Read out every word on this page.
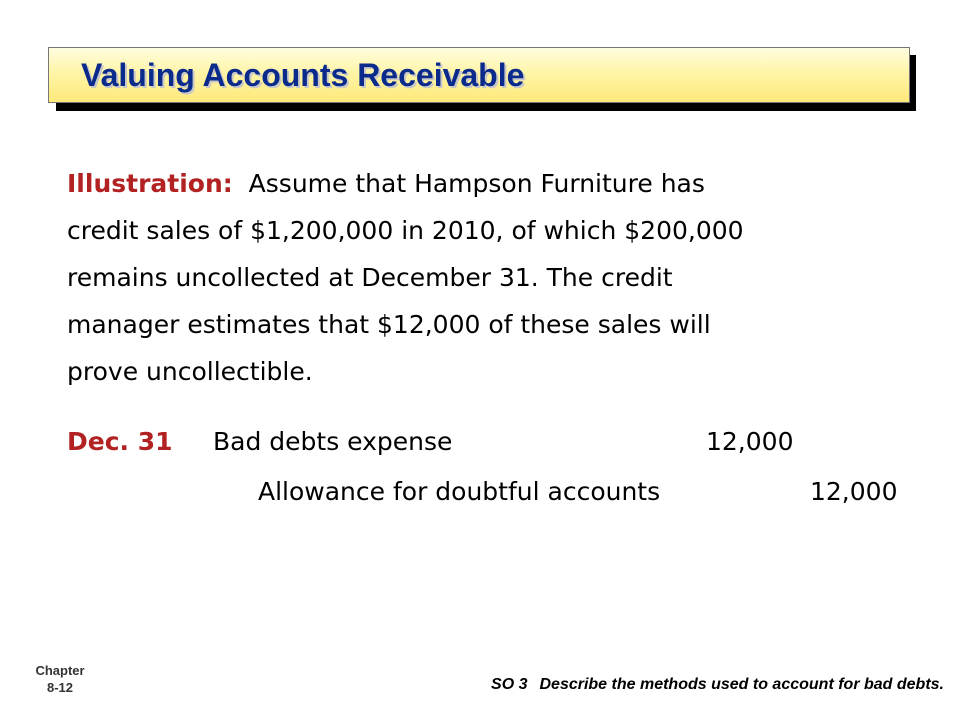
Valuing Accounts Receivable
Illustration: Assume that Hampson Furniture has
credit sales of $1,200,000 in 2010, of which $200,000
remains uncollected at December 31. The credit
manager estimates that $12,000 of these sales will
prove uncollectible.
Dec. 31 Bad debts expense	12,000
Allowance for doubtful accounts	12,000
Chapter
8-12	SO 3 Describe the methods used to account for bad debts.
